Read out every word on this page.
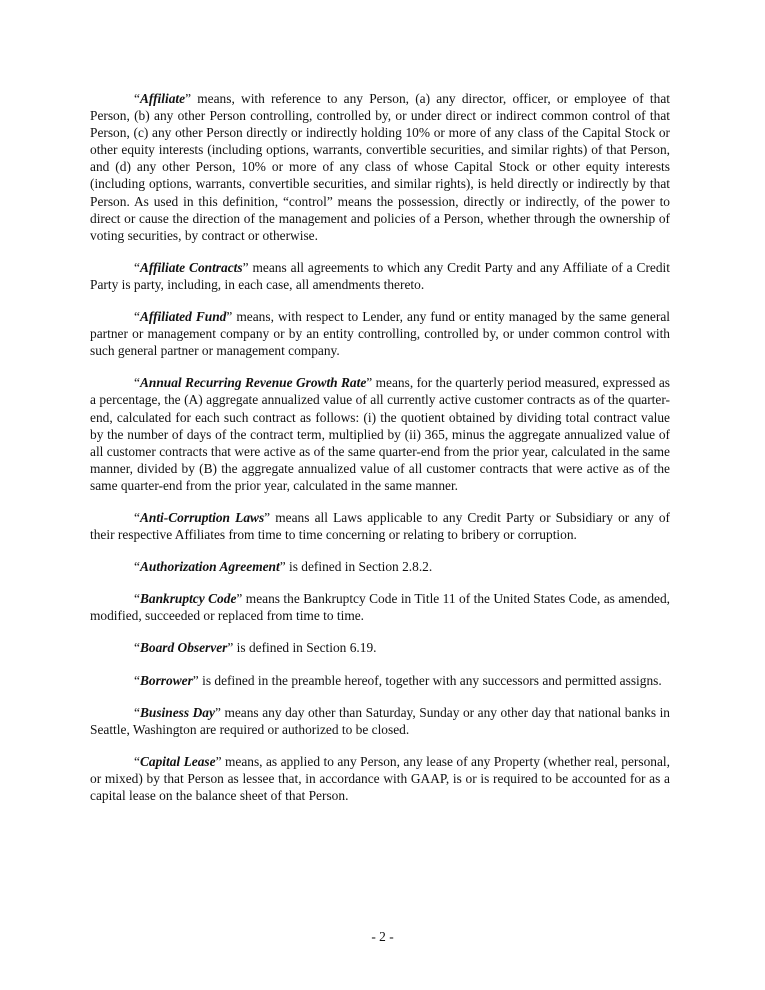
“Affiliate” means, with reference to any Person, (a) any director, officer, or employee of that Person, (b) any other Person controlling, controlled by, or under direct or indirect common control of that Person, (c) any other Person directly or indirectly holding 10% or more of any class of the Capital Stock or other equity interests (including options, warrants, convertible securities, and similar rights) of that Person, and (d) any other Person, 10% or more of any class of whose Capital Stock or other equity interests (including options, warrants, convertible securities, and similar rights), is held directly or indirectly by that Person. As used in this definition, “control” means the possession, directly or indirectly, of the power to direct or cause the direction of the management and policies of a Person, whether through the ownership of voting securities, by contract or otherwise.

“Affiliate Contracts” means all agreements to which any Credit Party and any Affiliate of a Credit Party is party, including, in each case, all amendments thereto.

“Affiliated Fund” means, with respect to Lender, any fund or entity managed by the same general partner or management company or by an entity controlling, controlled by, or under common control with such general partner or management company.

“Annual Recurring Revenue Growth Rate” means, for the quarterly period measured, expressed as a percentage, the (A) aggregate annualized value of all currently active customer contracts as of the quarter-end, calculated for each such contract as follows: (i) the quotient obtained by dividing total contract value by the number of days of the contract term, multiplied by (ii) 365, minus the aggregate annualized value of all customer contracts that were active as of the same quarter-end from the prior year, calculated in the same manner, divided by (B) the aggregate annualized value of all customer contracts that were active as of the same quarter-end from the prior year, calculated in the same manner.

“Anti-Corruption Laws” means all Laws applicable to any Credit Party or Subsidiary or any of their respective Affiliates from time to time concerning or relating to bribery or corruption.

“Authorization Agreement” is defined in Section 2.8.2.

“Bankruptcy Code” means the Bankruptcy Code in Title 11 of the United States Code, as amended, modified, succeeded or replaced from time to time.

“Board Observer” is defined in Section 6.19.

“Borrower” is defined in the preamble hereof, together with any successors and permitted assigns.

“Business Day” means any day other than Saturday, Sunday or any other day that national banks in Seattle, Washington are required or authorized to be closed.

“Capital Lease” means, as applied to any Person, any lease of any Property (whether real, personal, or mixed) by that Person as lessee that, in accordance with GAAP, is or is required to be accounted for as a capital lease on the balance sheet of that Person.

- 2 -
